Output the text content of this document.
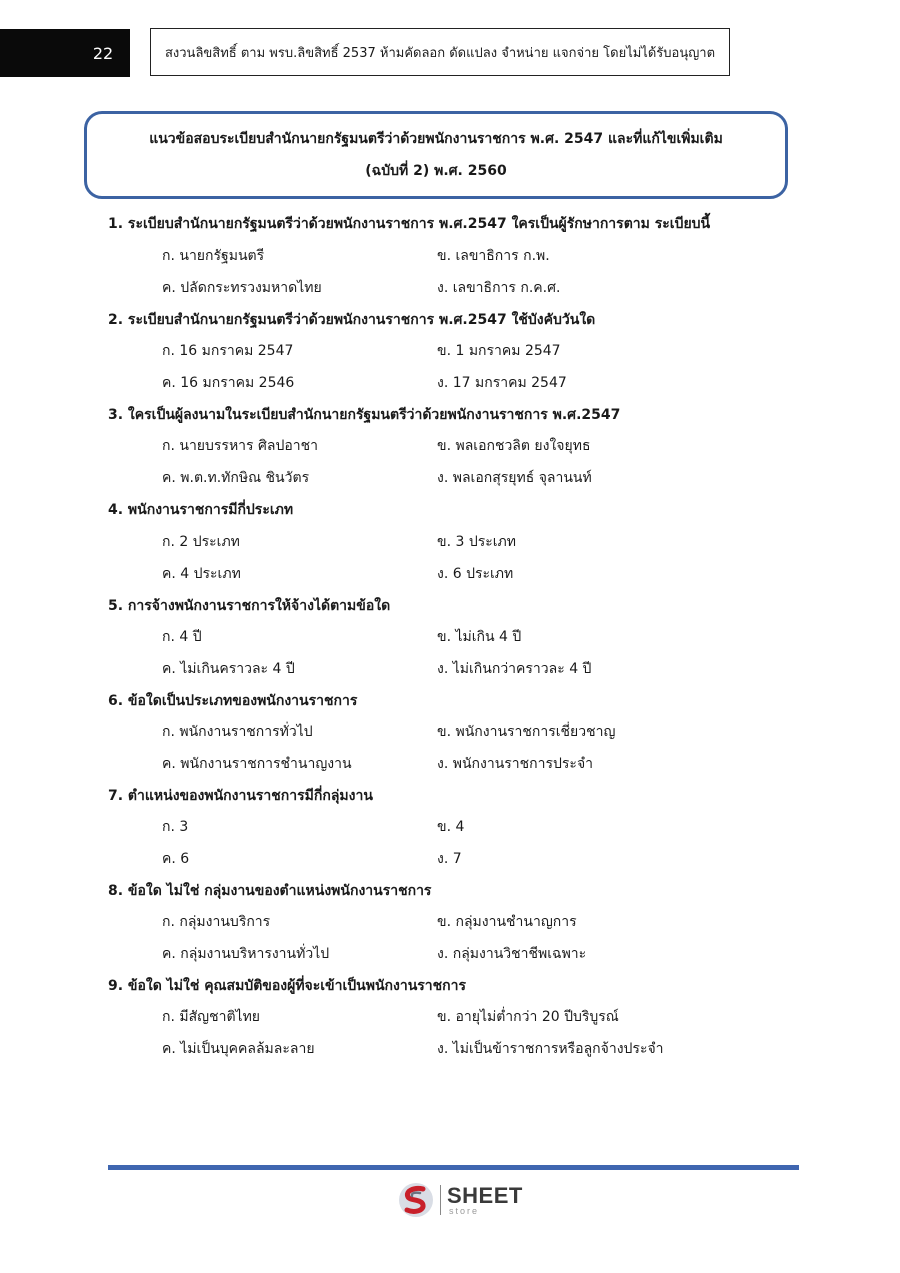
22	สงวนลิขสิทธิ์ ตาม พรบ.ลิขสิทธิ์ 2537 ห้ามคัดลอก ดัดแปลง จำหน่าย แจกจ่าย โดยไม่ได้รับอนุญาต
แนวข้อสอบระเบียบสำนักนายกรัฐมนตรีว่าด้วยพนักงานราชการ พ.ศ. 2547 และที่แก้ไขเพิ่มเติม
(ฉบับที่ 2) พ.ศ. 2560
1. ระเบียบสำนักนายกรัฐมนตรีว่าด้วยพนักงานราชการ พ.ศ.2547 ใครเป็นผู้รักษาการตาม ระเบียบนี้
ก. นายกรัฐมนตรี	ข. เลขาธิการ ก.พ.
ค. ปลัดกระทรวงมหาดไทย	ง. เลขาธิการ ก.ค.ศ.
2. ระเบียบสำนักนายกรัฐมนตรีว่าด้วยพนักงานราชการ พ.ศ.2547 ใช้บังคับวันใด
ก. 16 มกราคม 2547	ข. 1 มกราคม 2547
ค. 16 มกราคม 2546	ง. 17 มกราคม 2547
3. ใครเป็นผู้ลงนามในระเบียบสำนักนายกรัฐมนตรีว่าด้วยพนักงานราชการ พ.ศ.2547
ก. นายบรรหาร ศิลปอาชา	ข. พลเอกชวลิต ยงใจยุทธ
ค. พ.ต.ท.ทักษิณ ชินวัตร	ง. พลเอกสุรยุทธ์ จุลานนท์
4. พนักงานราชการมีกี่ประเภท
ก. 2 ประเภท	ข. 3 ประเภท
ค. 4 ประเภท	ง. 6 ประเภท
5. การจ้างพนักงานราชการให้จ้างได้ตามข้อใด
ก. 4 ปี	ข. ไม่เกิน 4 ปี
ค. ไม่เกินคราวละ 4 ปี	ง. ไม่เกินกว่าคราวละ 4 ปี
6. ข้อใดเป็นประเภทของพนักงานราชการ
ก. พนักงานราชการทั่วไป	ข. พนักงานราชการเชี่ยวชาญ
ค. พนักงานราชการชำนาญงาน	ง. พนักงานราชการประจำ
7. ตำแหน่งของพนักงานราชการมีกี่กลุ่มงาน
ก. 3	ข. 4
ค. 6	ง. 7
8. ข้อใด ไม่ใช่ กลุ่มงานของตำแหน่งพนักงานราชการ
ก. กลุ่มงานบริการ	ข. กลุ่มงานชำนาญการ
ค. กลุ่มงานบริหารงานทั่วไป	ง. กลุ่มงานวิชาชีพเฉพาะ
9. ข้อใด ไม่ใช่ คุณสมบัติของผู้ที่จะเข้าเป็นพนักงานราชการ
ก. มีสัญชาติไทย	ข. อายุไม่ต่ำกว่า 20 ปีบริบูรณ์
ค. ไม่เป็นบุคคลล้มละลาย	ง. ไม่เป็นข้าราชการหรือลูกจ้างประจำ
SHEET
store
